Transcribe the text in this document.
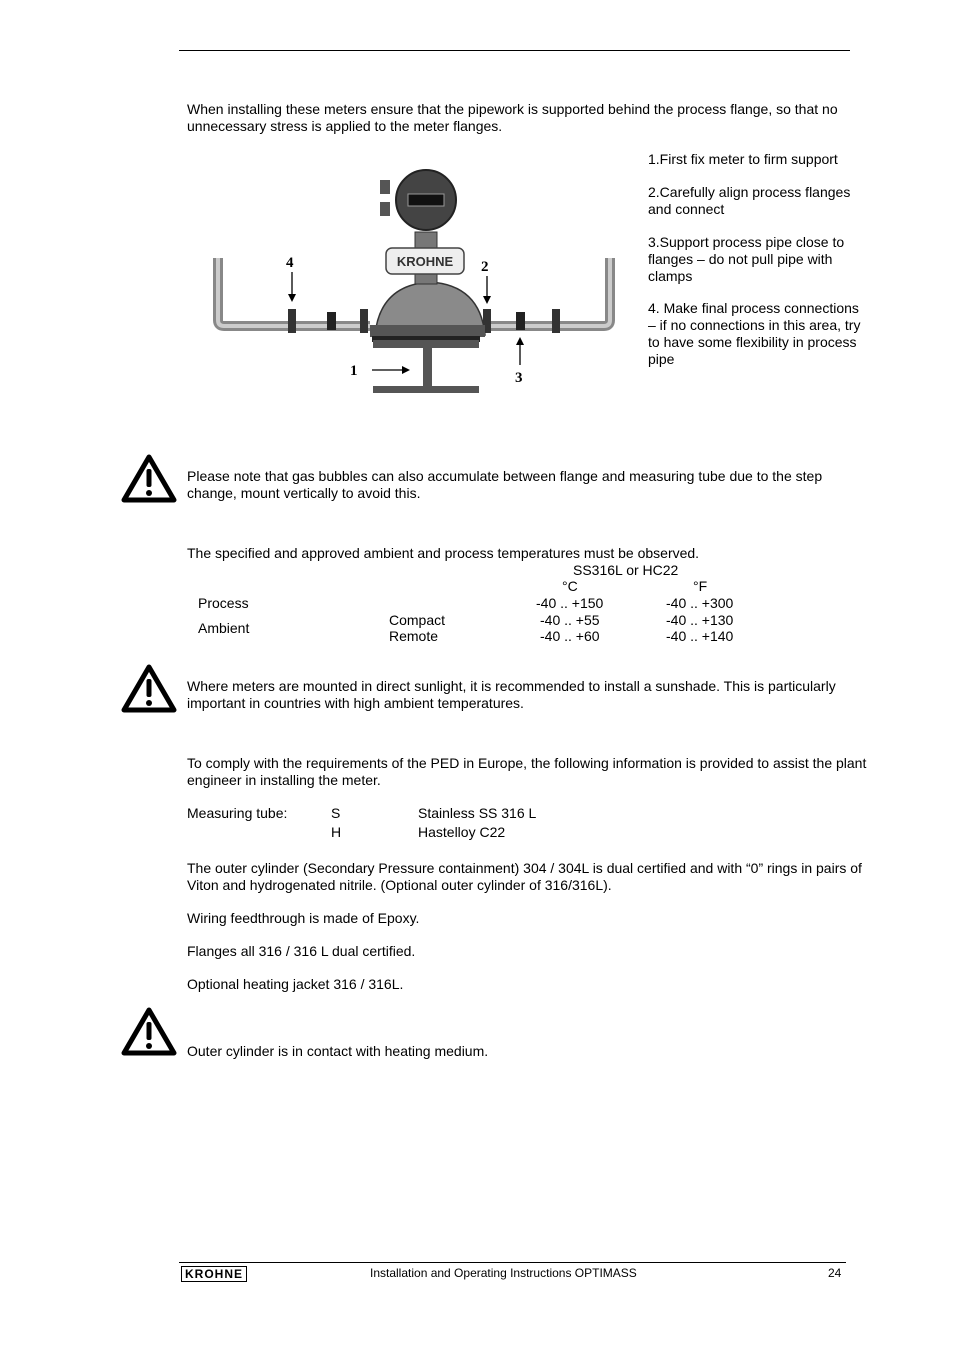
When installing these meters ensure that the pipework is supported behind the process flange, so that no unnecessary stress is applied to the meter flanges.
KROHNE
1
4	2
3
1.First fix meter to firm support
2.Carefully align process flanges and connect
3.Support process pipe close to flanges – do not pull pipe with clamps
4. Make final process connections – if no connections in this area, try to have some flexibility in process pipe
Please note that gas bubbles can also accumulate between flange and measuring tube due to the step change, mount vertically to avoid this.
The specified and approved ambient and process temperatures must be observed.
SS316L or HC22
°C	°F
Process	-40 .. +150	-40 .. +300
Ambient	Compact	-40 .. +55	-40 .. +130
Remote	-40 .. +60	-40 .. +140
Where meters are mounted in direct sunlight, it is recommended to install a sunshade. This is particularly important in countries with high ambient temperatures.
To comply with the requirements of the PED in Europe, the following information is provided to assist the plant engineer in installing the meter.
Measuring tube:	S	Stainless SS 316 L
H	Hastelloy C22
The outer cylinder (Secondary Pressure containment) 304 / 304L is dual certified and with “0” rings in pairs of Viton and hydrogenated nitrile. (Optional outer cylinder of 316/316L).
Wiring feedthrough is made of Epoxy.
Flanges all 316 / 316 L dual certified.
Optional heating jacket 316 / 316L.
Outer cylinder is in contact with heating medium.
KROHNE	Installation and Operating Instructions OPTIMASS	24
